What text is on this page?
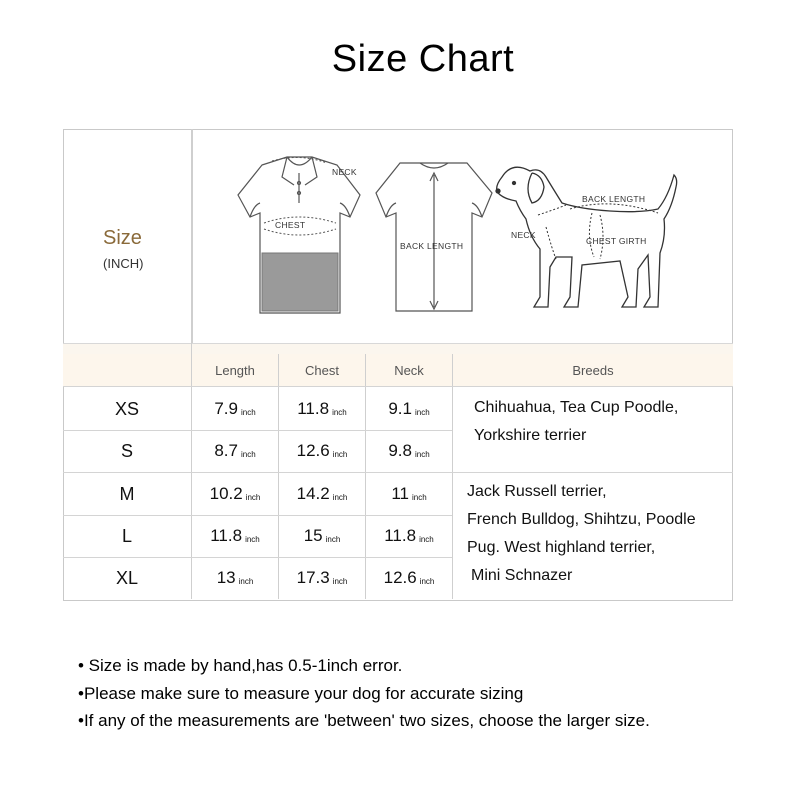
Size Chart
Size
(INCH)
NECK
CHEST
BACK LENGTH
NECK
BACK LENGTH
CHEST GIRTH
Length	Chest	Neck	Breeds
XS	7.9 inch 11.8 inch 9.1 inch
S	8.7 inch 12.6 inch 9.8 inch
M	10.2 inch 14.2 inch	11 inch
L	11.8 inch	15 inch	11.8 inch
XL	13 inch	17.3 inch 12.6 inch
Chihuahua, Tea Cup Poodle,
Yorkshire terrier
Jack Russell terrier,
French Bulldog, Shihtzu, Poodle
Pug. West highland terrier,
Mini Schnazer
• Size is made by hand,has 0.5-1inch error.
•Please make sure to measure your dog for accurate sizing
•If any of the measurements are 'between' two sizes, choose the larger size.
